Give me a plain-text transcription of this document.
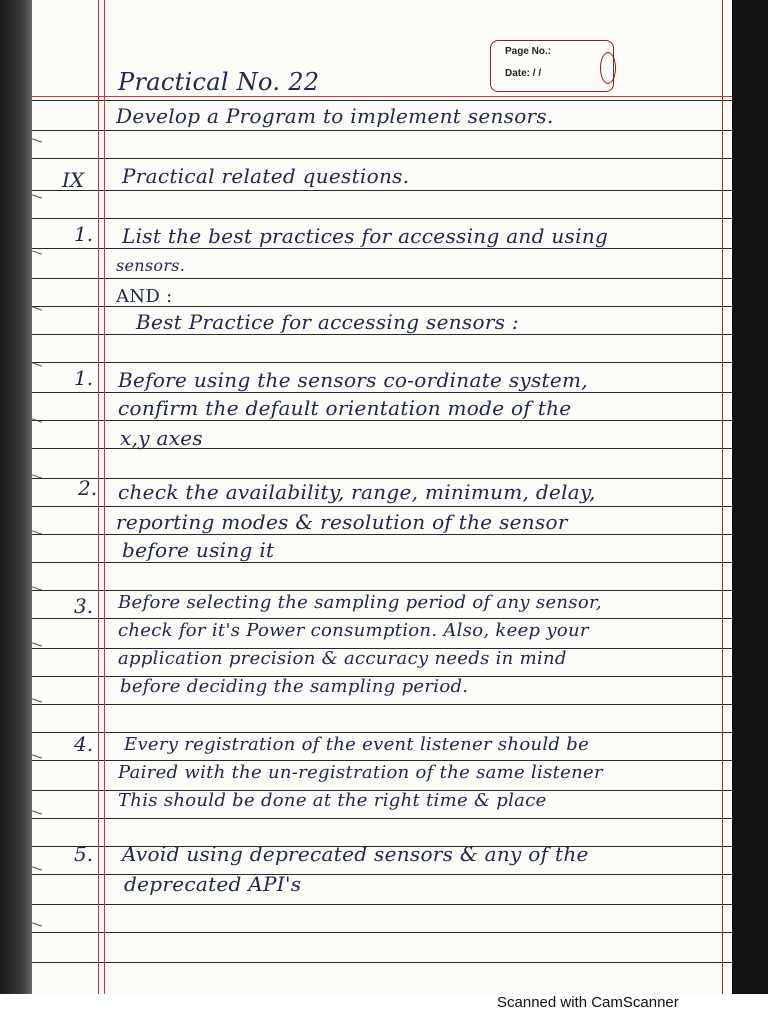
Page No.:
Date: / /
Practical No. 22
Develop a Program to implement sensors.
IX Practical related questions.
1. List the best practices for accessing and using
sensors.
AND :
Best Practice for accessing sensors :
1. Before using the sensors co-ordinate system,
confirm the default orientation mode of the
x,y axes
2. check the availability, range, minimum, delay,
reporting modes & resolution of the sensor
before using it
3. Before selecting the sampling period of any sensor,
check for it's Power consumption. Also, keep your
application precision & accuracy needs in mind
before deciding the sampling period.
4. Every registration of the event listener should be
Paired with the un-registration of the same listener
This should be done at the right time & place
5. Avoid using deprecated sensors & any of the
deprecated API's
Scanned with CamScanner
